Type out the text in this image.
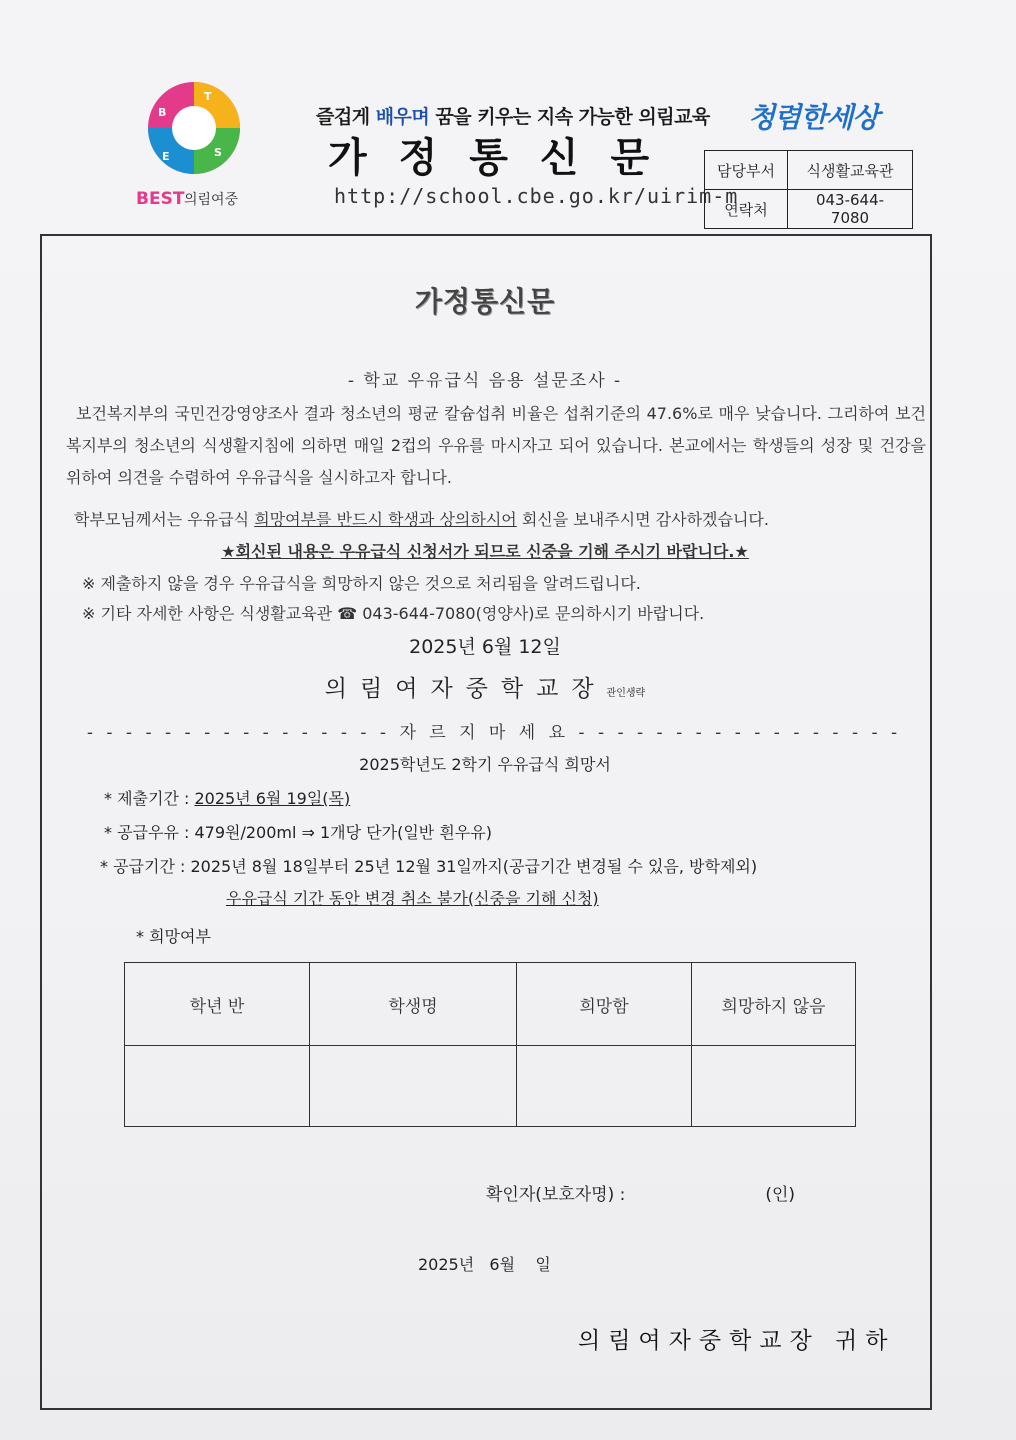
B
T
E	S
BEST 의림여중
즐겁게 배우며 꿈을 키우는 지속 가능한 의림교육
가정통신문
http://school.cbe.go.kr/uirim-m
청렴한세상
담당부서	식생활교육관
연락처	043-644-7080
가정통신문
- 학교 우유급식 음용 설문조사 -
보건복지부의 국민건강영양조사 결과 청소년의 평균 칼슘섭취 비율은 섭취기준의 47.6%로 매우 낮습니다. 그리하여 보건복지부의 청소년의 식생활지침에 의하면 매일 2컵의 우유를 마시자고 되어 있습니다. 본교에서는 학생들의 성장 및 건강을 위하여 의견을 수렴하여 우유급식을 실시하고자 합니다.
학부모님께서는 우유급식 희망여부를 반드시 학생과 상의하시어 회신을 보내주시면 감사하겠습니다.
★회신된 내용은 우유급식 신청서가 되므로 신중을 기해 주시기 바랍니다.★
※ 제출하지 않을 경우 우유급식을 희망하지 않은 것으로 처리됨을 알려드립니다.
※ 기타 자세한 사항은 식생활교육관 ☎ 043-644-7080(영양사)로 문의하시기 바랍니다.
2025년 6월 12일
의림여자중학교장관인생략
- - - - - - - - - - - - - - - - 자 르 지 마 세 요 - - - - - - - - - - - - - - - - -
2025학년도 2학기 우유급식 희망서
* 제출기간 : 2025년 6월 19일(목)
* 공급우유 : 479원/200ml ⇒ 1개당 단가(일반 흰우유)
* 공급기간 : 2025년 8월 18일부터 25년 12월 31일까지(공급기간 변경될 수 있음, 방학제외)
우유급식 기간 동안 변경 취소 불가(신중을 기해 신청)
* 희망여부
학년 반	학생명	희망함	희망하지 않음

확인자(보호자명) :	(인)
2025년   6월    일
의림여자중학교장 귀하
